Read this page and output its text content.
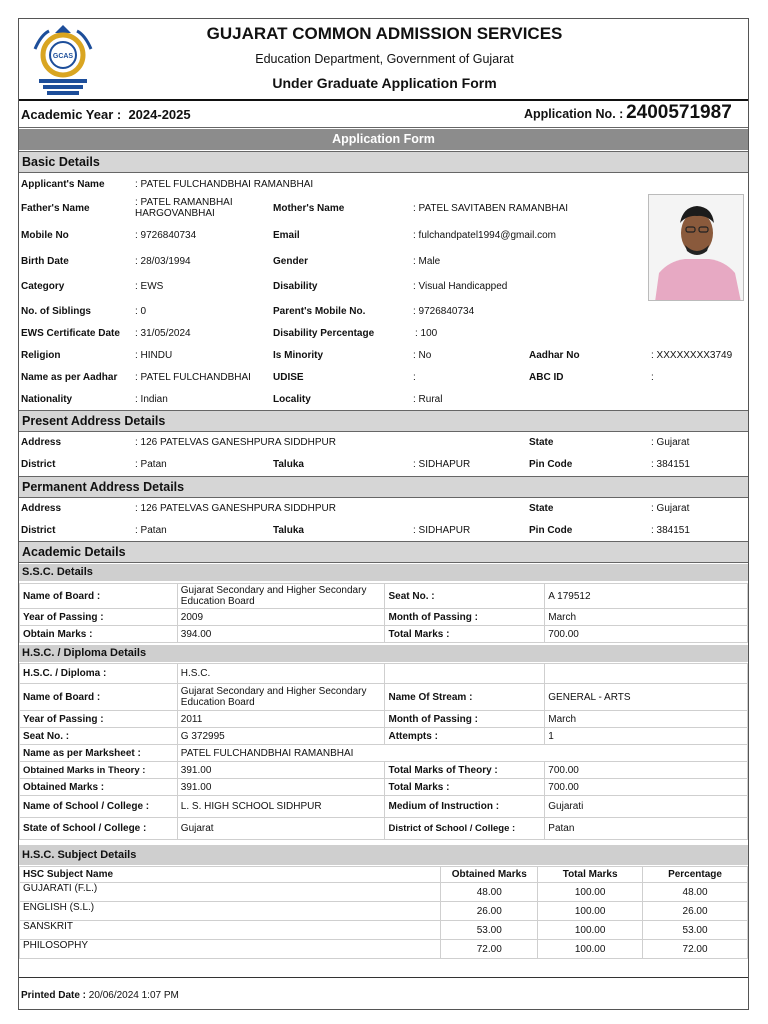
GCAS
GUJARAT COMMON ADMISSION SERVICES
Education Department, Government of Gujarat
Under Graduate Application Form
Academic Year : 2024-2025	Application No. : 2400571987
Application Form
Basic Details
Applicant's Name	: PATEL FULCHANDBHAI RAMANBHAI
Father's Name
: PATEL RAMANBHAI
HARGOVANBHAI	Mother's Name	: PATEL SAVITABEN RAMANBHAI
Mobile No	: 9726840734	Email	: fulchandpatel1994@gmail.com
Birth Date	: 28/03/1994	Gender	: Male
Category	: EWS	Disability	: Visual Handicapped
No. of Siblings	: 0	Parent's Mobile No.	: 9726840734
EWS Certificate Date : 31/05/2024	Disability Percentage	: 100
Religion	: HINDU	Is Minority	: No	Aadhar No	: XXXXXXXX3749
Name as per Aadhar : PATEL FULCHANDBHAI UDISE	:	ABC ID	:
Nationality	: Indian	Locality	: Rural
Present Address Details
Address	: 126 PATELVAS GANESHPURA SIDDHPUR	State	: Gujarat
District	: Patan	Taluka	: SIDHAPUR	Pin Code	: 384151
Permanent Address Details
Address	: 126 PATELVAS GANESHPURA SIDDHPUR	State	: Gujarat
District	: Patan	Taluka	: SIDHAPUR	Pin Code	: 384151
Academic Details
S.S.C. Details
Name of Board :	Gujarat Secondary and Higher Secondary
Education Board	Seat No. :	A 179512
Year of Passing :	2009	Month of Passing :	March
Obtain Marks :	394.00	Total Marks :	700.00
H.S.C. / Diploma Details
H.S.C. / Diploma :	H.S.C.		
Name of Board :	Gujarat Secondary and Higher Secondary
Education Board	Name Of Stream :	GENERAL - ARTS
Year of Passing :	2011	Month of Passing :	March
Seat No. :	G 372995	Attempts :	1
Name as per Marksheet :	PATEL FULCHANDBHAI RAMANBHAI		
Obtained Marks in Theory :	391.00	Total Marks of Theory :	700.00
Obtained Marks :	391.00	Total Marks :	700.00
Name of School / College :	L. S. HIGH SCHOOL SIDHPUR	Medium of Instruction :	Gujarati
State of School / College :	Gujarat	District of School / College :	Patan
H.S.C. Subject Details
HSC Subject Name	Obtained Marks	Total Marks	Percentage
GUJARATI (F.L.)	48.00	100.00	48.00
ENGLISH (S.L.)	26.00	100.00	26.00
SANSKRIT	53.00	100.00	53.00
PHILOSOPHY	72.00	100.00	72.00
Printed Date : 20/06/2024 1:07 PM
